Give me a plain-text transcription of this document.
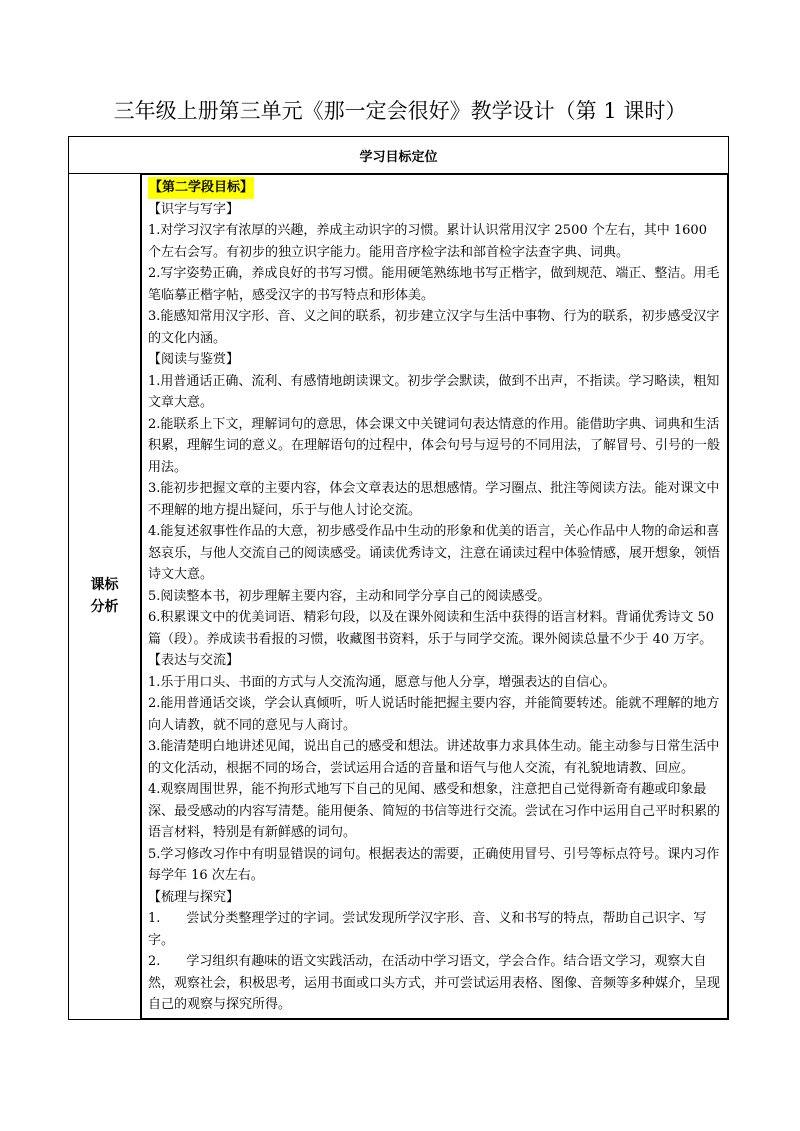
三年级上册第三单元《那一定会很好》教学设计（第 1 课时）
学习目标定位

课标
分析

【第二学段目标】

【识字与写字】

1.对学习汉字有浓厚的兴趣，养成主动识字的习惯。累计认识常用汉字 2500 个左右，其中 1600 个左右会写。有初步的独立识字能力。能用音序检字法和部首检字法查字典、词典。

2.写字姿势正确，养成良好的书写习惯。能用硬笔熟练地书写正楷字，做到规范、端正、整洁。用毛笔临摹正楷字帖，感受汉字的书写特点和形体美。

3.能感知常用汉字形、音、义之间的联系，初步建立汉字与生活中事物、行为的联系，初步感受汉字的文化内涵。

【阅读与鉴赏】

1.用普通话正确、流利、有感情地朗读课文。初步学会默读，做到不出声，不指读。学习略读，粗知文章大意。

2.能联系上下文，理解词句的意思，体会课文中关键词句表达情意的作用。能借助字典、词典和生活积累，理解生词的意义。在理解语句的过程中，体会句号与逗号的不同用法，了解冒号、引号的一般用法。

3.能初步把握文章的主要内容，体会文章表达的思想感情。学习圈点、批注等阅读方法。能对课文中不理解的地方提出疑问，乐于与他人讨论交流。

4.能复述叙事性作品的大意，初步感受作品中生动的形象和优美的语言，关心作品中人物的命运和喜怒哀乐，与他人交流自己的阅读感受。诵读优秀诗文，注意在诵读过程中体验情感，展开想象，领悟诗文大意。

5.阅读整本书，初步理解主要内容，主动和同学分享自己的阅读感受。

6.积累课文中的优美词语、精彩句段，以及在课外阅读和生活中获得的语言材料。背诵优秀诗文 50 篇（段）。养成读书看报的习惯，收藏图书资料，乐于与同学交流。课外阅读总量不少于 40 万字。

【表达与交流】

1.乐于用口头、书面的方式与人交流沟通，愿意与他人分享，增强表达的自信心。

2.能用普通话交谈，学会认真倾听，听人说话时能把握主要内容，并能简要转述。能就不理解的地方向人请教，就不同的意见与人商讨。

3.能清楚明白地讲述见闻，说出自己的感受和想法。讲述故事力求具体生动。能主动参与日常生活中的文化活动，根据不同的场合，尝试运用合适的音量和语气与他人交流，有礼貌地请教、回应。

4.观察周围世界，能不拘形式地写下自己的见闻、感受和想象，注意把自己觉得新奇有趣或印象最深、最受感动的内容写清楚。能用便条、简短的书信等进行交流。尝试在习作中运用自己平时积累的语言材料，特别是有新鲜感的词句。

5.学习修改习作中有明显错误的词句。根据表达的需要，正确使用冒号、引号等标点符号。课内习作每学年 16 次左右。

【梳理与探究】

1.　　尝试分类整理学过的字词。尝试发现所学汉字形、音、义和书写的特点，帮助自己识字、写字。

2.　　学习组织有趣味的语文实践活动，在活动中学习语文，学会合作。结合语文学习，观察大自然，观察社会，积极思考，运用书面或口头方式，并可尝试运用表格、图像、音频等多种媒介，呈现自己的观察与探究所得。
